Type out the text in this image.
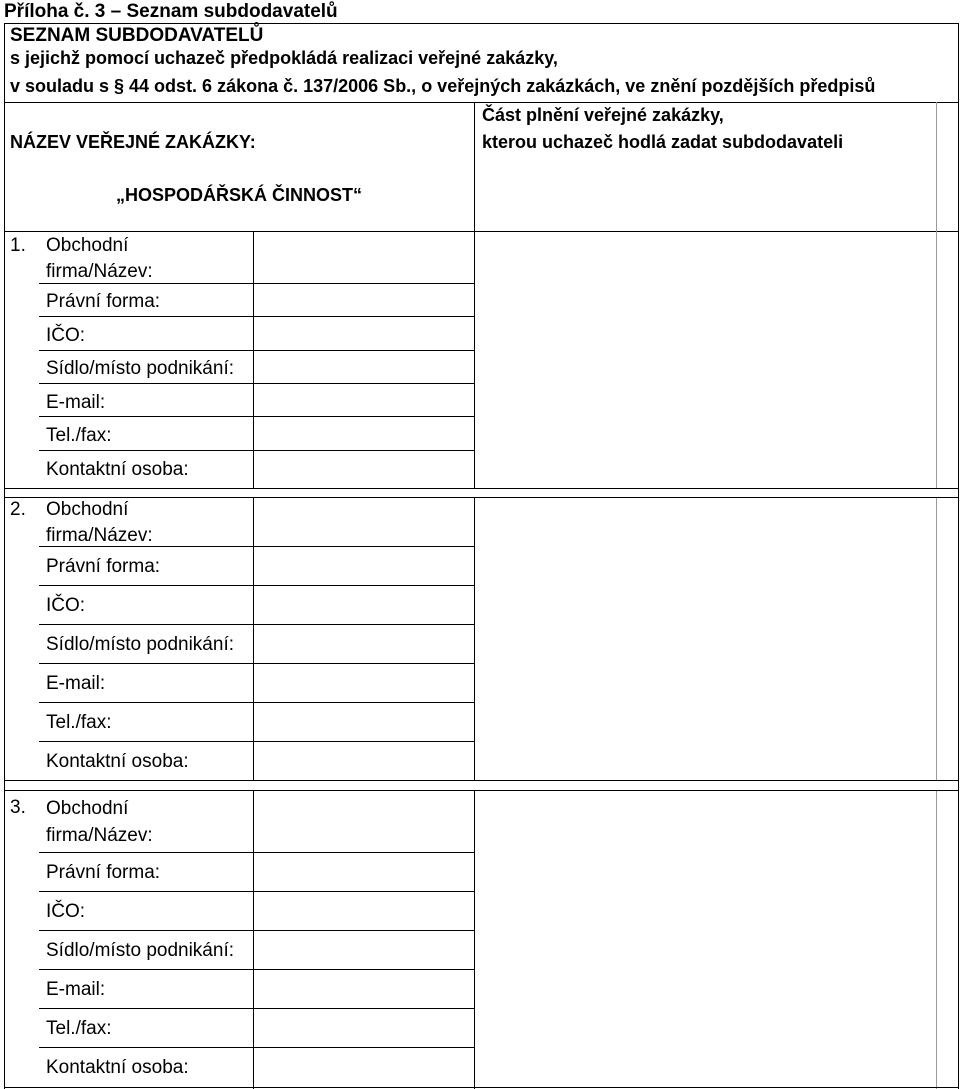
Příloha č. 3 – Seznam subdodavatelů
SEZNAM SUBDODAVATELŮ
s jejichž pomocí uchazeč předpokládá realizaci veřejné zakázky,
v souladu s § 44 odst. 6 zákona č. 137/2006 Sb., o veřejných zakázkách, ve znění pozdějších předpisů
NÁZEV VEŘEJNÉ ZAKÁZKY:
„HOSPODÁŘSKÁ ČINNOST“
Část plnění veřejné zakázky,
kterou uchazeč hodlá zadat subdodavateli
1. Obchodní
firma/Název:
Právní forma:
IČO:
Sídlo/místo podnikání:
E-mail:
Tel./fax:
Kontaktní osoba:
2. Obchodní
firma/Název:
Právní forma:
IČO:
Sídlo/místo podnikání:
E-mail:
Tel./fax:
Kontaktní osoba:
3. Obchodní
firma/Název:
Právní forma:
IČO:
Sídlo/místo podnikání:
E-mail:
Tel./fax:
Kontaktní osoba:
